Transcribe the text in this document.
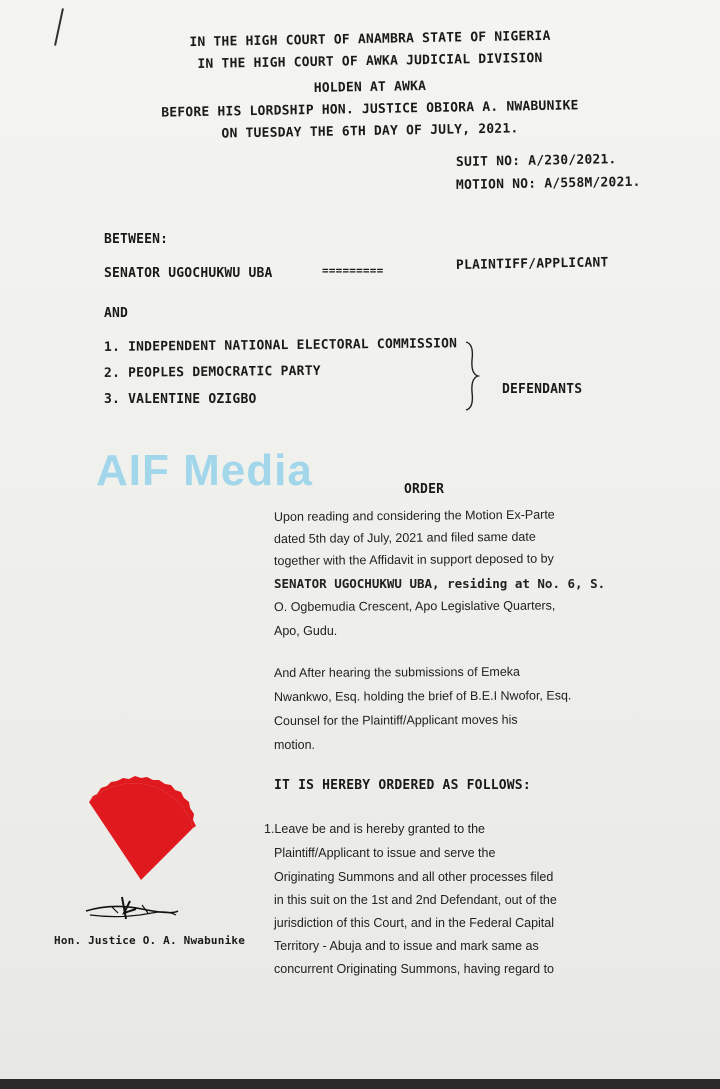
IN THE HIGH COURT OF ANAMBRA STATE OF NIGERIA
IN THE HIGH COURT OF AWKA JUDICIAL DIVISION
HOLDEN AT AWKA
BEFORE HIS LORDSHIP HON. JUSTICE OBIORA A. NWABUNIKE
ON TUESDAY THE 6TH DAY OF JULY, 2021.
SUIT NO: A/230/2021.
MOTION NO: A/558M/2021.
BETWEEN:
SENATOR UGOCHUKWU UBA	=========	PLAINTIFF/APPLICANT
AND
1. INDEPENDENT NATIONAL ELECTORAL COMMISSION
2. PEOPLES DEMOCRATIC PARTY
3. VALENTINE OZIGBO
DEFENDANTS
AIF Media	ORDER
Upon reading and considering the Motion Ex-Parte
dated 5th day of July, 2021 and filed same date
together with the Affidavit in support deposed to by
SENATOR UGOCHUKWU UBA, residing at No. 6, S.
O. Ogbemudia Crescent, Apo Legislative Quarters,
Apo, Gudu.
And After hearing the submissions of Emeka
Nwankwo, Esq. holding the brief of B.E.I Nwofor, Esq.
Counsel for the Plaintiff/Applicant moves his
motion.
IT IS HEREBY ORDERED AS FOLLOWS:
1.Leave be and is hereby granted to the
Plaintiff/Applicant to issue and serve the
Originating Summons and all other processes filed
in this suit on the 1st and 2nd Defendant, out of the
jurisdiction of this Court, and in the Federal Capital
Territory - Abuja and to issue and mark same as
concurrent Originating Summons, having regard to
Hon. Justice O. A. Nwabunike
